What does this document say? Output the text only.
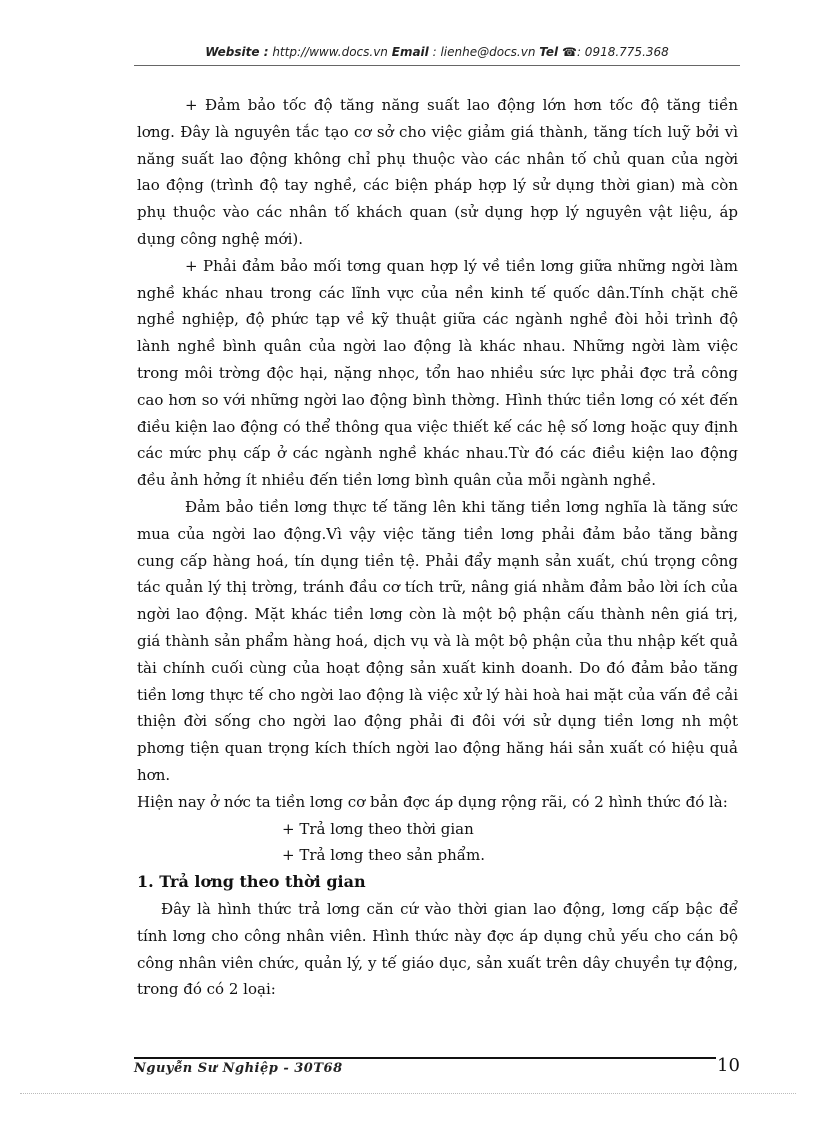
Website : http://www.docs.vn Email : lienhe@docs.vn Tel ☎: 0918.775.368

+ Đảm bảo tốc độ tăng năng suất lao động lớn hơn tốc độ tăng tiền lơng. Đây là nguyên tắc tạo cơ sở cho việc giảm giá thành, tăng tích luỹ bởi vì năng suất lao động không chỉ phụ thuộc vào các nhân tố chủ quan của ngời lao động (trình độ tay nghề, các biện pháp hợp lý sử dụng thời gian) mà còn phụ thuộc vào các nhân tố khách quan (sử dụng hợp lý nguyên vật liệu, áp dụng công nghệ mới).

+ Phải đảm bảo mối tơng quan hợp lý về tiền lơng giữa những ngời làm nghề khác nhau trong các lĩnh vực của nền kinh tế quốc dân.Tính chặt chẽ nghề nghiệp, độ phức tạp về kỹ thuật giữa các ngành nghề đòi hỏi trình độ lành nghề bình quân của ngời lao động là khác nhau. Những ngời làm việc trong môi trờng độc hại, nặng nhọc, tổn hao nhiều sức lực phải đợc trả công cao hơn so với những ngời lao động bình thờng. Hình thức tiền lơng có xét đến điều kiện lao động có thể thông qua việc thiết kế các hệ số lơng hoặc quy định các mức phụ cấp ở các ngành nghề khác nhau.Từ đó các điều kiện lao động đều ảnh hởng ít nhiều đến tiền lơng bình quân của mỗi ngành nghề.

Đảm bảo tiền lơng thực tế tăng lên khi tăng tiền lơng nghĩa là tăng sức mua của ngời lao động.Vì vậy việc tăng tiền lơng phải đảm bảo tăng bằng cung cấp hàng hoá, tín dụng tiền tệ. Phải đẩy mạnh sản xuất, chú trọng công tác quản lý thị trờng, tránh đầu cơ tích trữ, nâng giá nhằm đảm bảo lời ích của ngời lao động. Mặt khác tiền lơng còn là một bộ phận cấu thành nên giá trị, giá thành sản phẩm hàng hoá, dịch vụ và là một bộ phận của thu nhập kết quả tài chính cuối cùng của hoạt động sản xuất kinh doanh. Do đó đảm bảo tăng tiền lơng thực tế cho ngời lao động là việc xử lý hài hoà hai mặt của vấn đề cải thiện đời sống cho ngời lao động phải đi đôi với sử dụng tiền lơng nh một phơng tiện quan trọng kích thích ngời lao động hăng hái sản xuất có hiệu quả hơn.

Hiện nay ở nớc ta tiền lơng cơ bản đợc áp dụng rộng rãi, có 2 hình thức đó là:

+ Trả lơng theo thời gian

+ Trả lơng theo sản phẩm.

1. Trả lơng theo thời gian

Đây là hình thức trả lơng căn cứ vào thời gian lao động, lơng cấp bậc để tính lơng cho công nhân viên. Hình thức này đợc áp dụng chủ yếu cho cán bộ công nhân viên chức, quản lý, y tế giáo dục, sản xuất trên dây chuyền tự động, trong đó có 2 loại:

Nguyễn Sư Nghiệp - 30T68	10
